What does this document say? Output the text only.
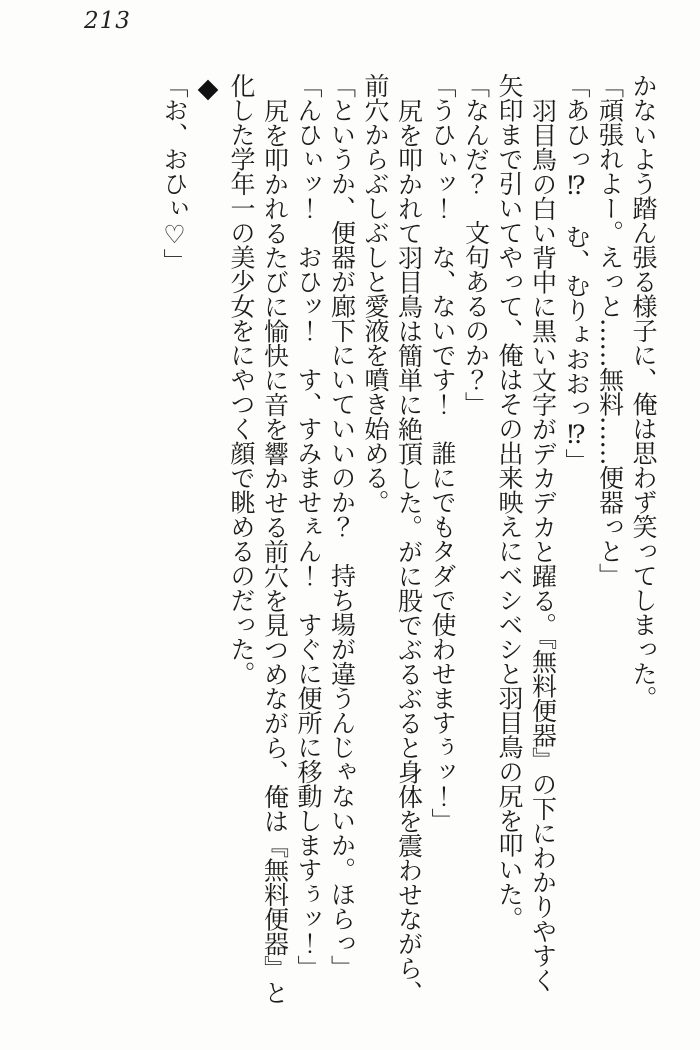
213

かないよう踏ん張る様子に、俺は思わず笑ってしまった。

「頑張れよー。えっと……無料……便器っと」

「あひっ⁉　む、むりょおおっ⁉」

羽目鳥の白い背中に黒い文字がデカデカと躍る。『無料便器』の下にわかりやすく矢印まで引いてやって、俺はその出来映えにベシベシと羽目鳥の尻を叩いた。

「なんだ？　文句あるのか？」

「うひぃッ！　な、ないです！　誰にでもタダで使わせますぅッ！」

尻を叩かれて羽目鳥は簡単に絶頂した。がに股でぶるぶると身体を震わせながら、前穴からぶしぶしと愛液を噴き始める。

「というか、便器が廊下にいていいのか？　持ち場が違うんじゃないか。ほらっ」

「んひぃッ！　おひッ！　す、すみませぇん！　すぐに便所に移動しますぅッ！」

尻を叩かれるたびに愉快に音を響かせる前穴を見つめながら、俺は『無料便器』と化した学年一の美少女をにやつく顔で眺めるのだった。

◆

「お、おひぃ♡」
